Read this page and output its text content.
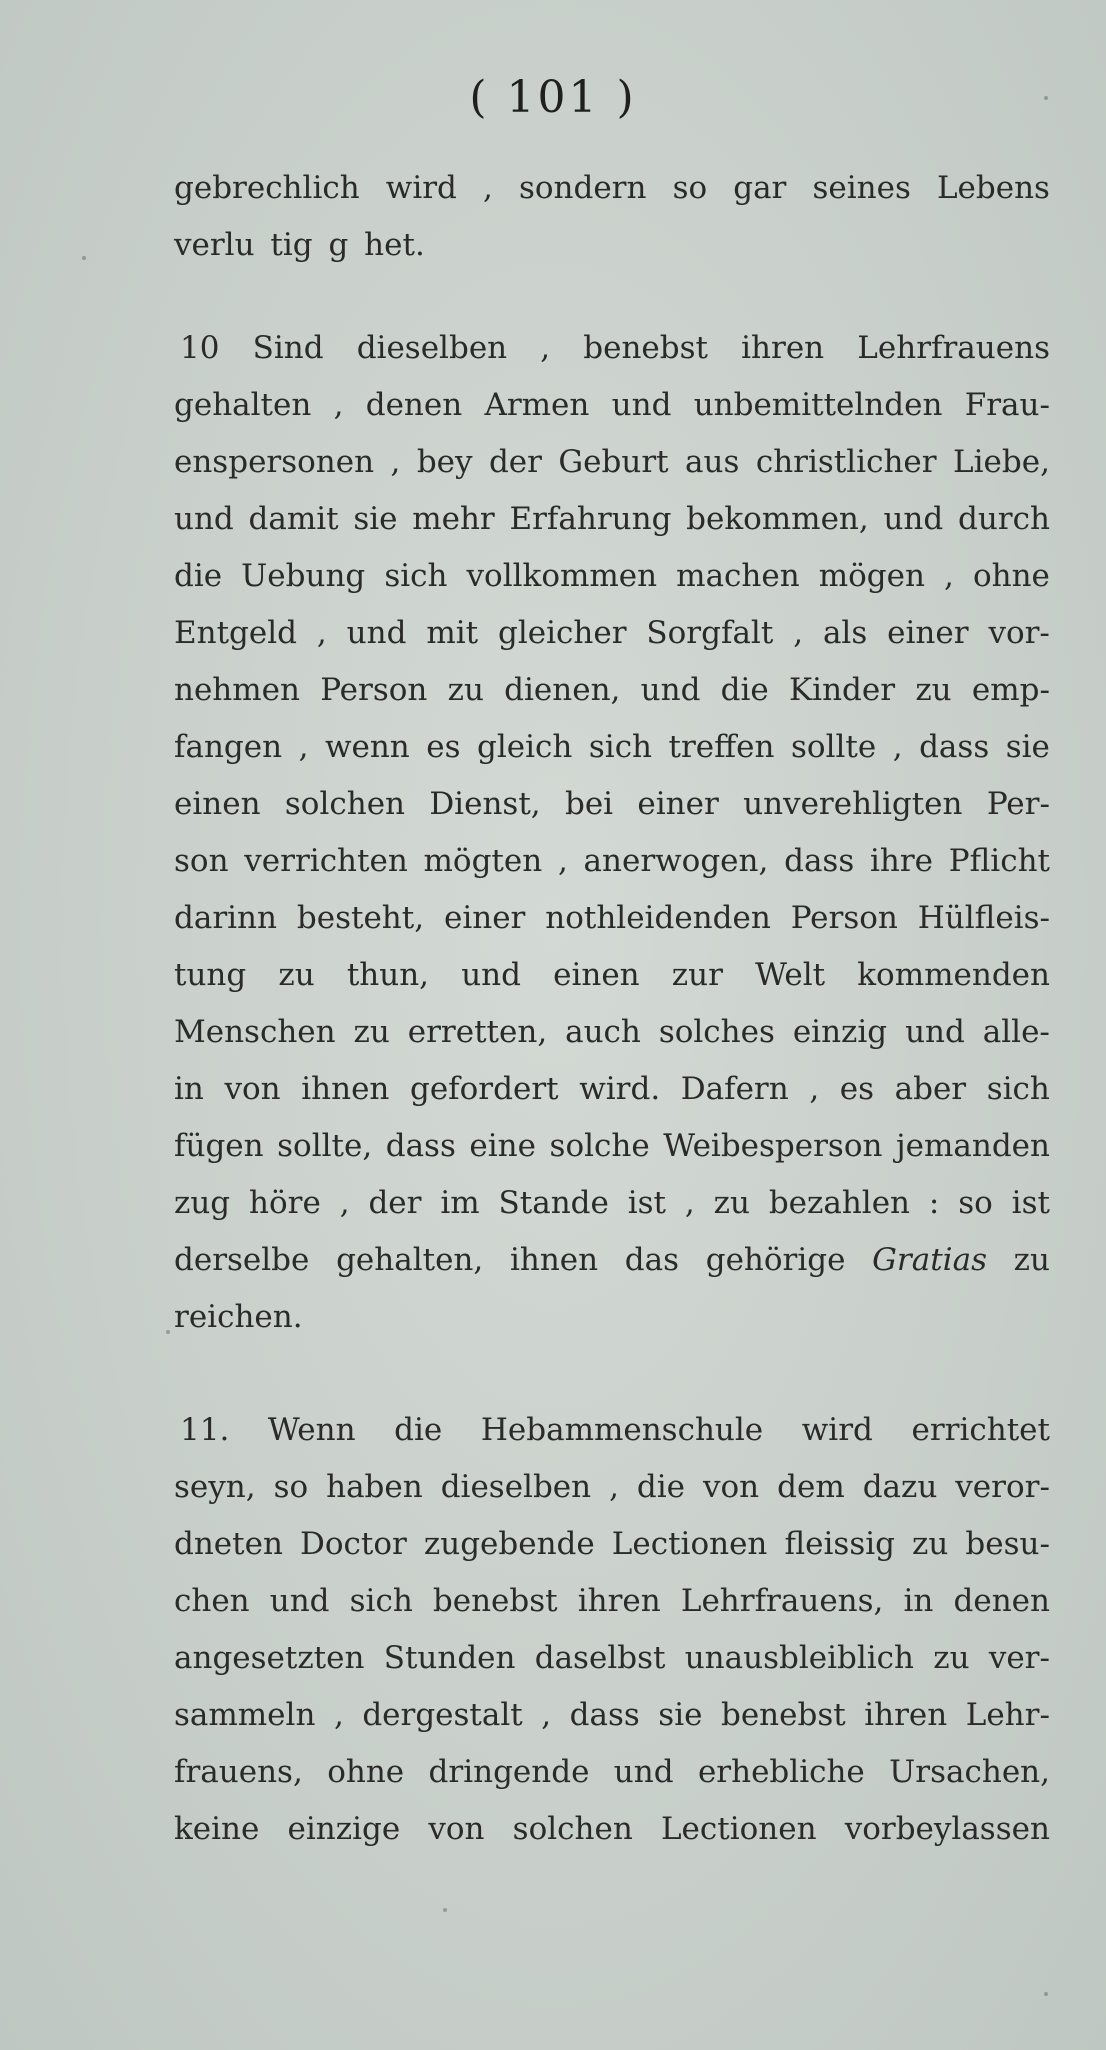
( 101 )
gebrechlich wird , sondern so gar seines Lebens
verlu tig g het.
10 Sind dieselben , benebst ihren Lehrfrauens
gehalten , denen Armen und unbemittelnden Frau-
enspersonen , bey der Geburt aus christlicher Liebe,
und damit sie mehr Erfahrung bekommen, und durch
die Uebung sich vollkommen machen mögen , ohne
Entgeld , und mit gleicher Sorgfalt , als einer vor-
nehmen Person zu dienen, und die Kinder zu emp-
fangen , wenn es gleich sich treffen sollte , dass sie
einen solchen Dienst, bei einer unverehligten Per-
son verrichten mögten , anerwogen, dass ihre Pflicht
darinn besteht, einer nothleidenden Person Hülfleis-
tung zu thun, und einen zur Welt kommenden
Menschen zu erretten, auch solches einzig und alle-
in von ihnen gefordert wird. Dafern , es aber sich
fügen sollte, dass eine solche Weibesperson jemanden
zug höre , der im Stande ist , zu bezahlen : so ist
derselbe gehalten, ihnen das gehörige Gratias zu
reichen.
11. Wenn die Hebammenschule wird errichtet
seyn, so haben dieselben , die von dem dazu veror-
dneten Doctor zugebende Lectionen fleissig zu besu-
chen und sich benebst ihren Lehrfrauens, in denen
angesetzten Stunden daselbst unausbleiblich zu ver-
sammeln , dergestalt , dass sie benebst ihren Lehr-
frauens, ohne dringende und erhebliche Ursachen,
keine einzige von solchen Lectionen vorbeylassen
